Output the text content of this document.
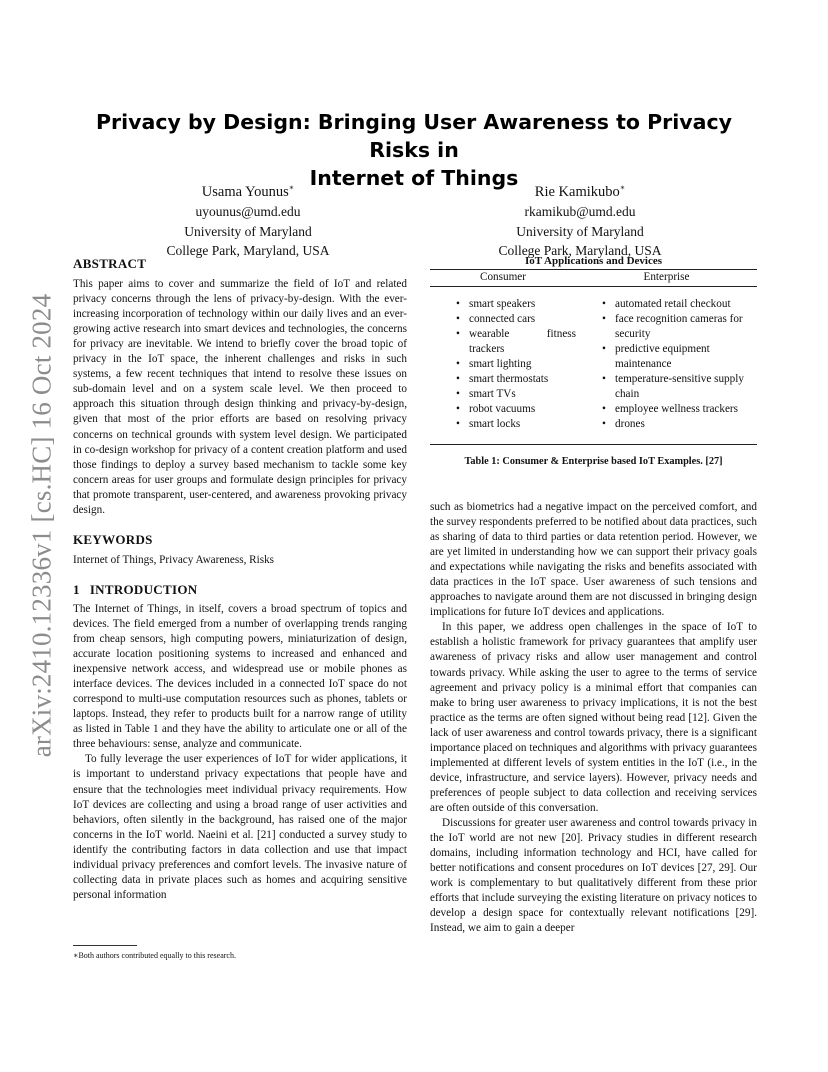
arXiv:2410.12336v1 [cs.HC] 16 Oct 2024
Privacy by Design: Bringing User Awareness to Privacy Risks in
Internet of Things
Usama Younus∗
uyounus@umd.edu
University of Maryland
College Park, Maryland, USA
Rie Kamikubo∗
rkamikub@umd.edu
University of Maryland
College Park, Maryland, USA
ABSTRACT

This paper aims to cover and summarize the field of IoT and related privacy concerns through the lens of privacy-by-design. With the ever-increasing incorporation of technology within our daily lives and an ever-growing active research into smart devices and technologies, the concerns for privacy are inevitable. We intend to briefly cover the broad topic of privacy in the IoT space, the inherent challenges and risks in such systems, a few recent techniques that intend to resolve these issues on sub-domain level and on a system scale level. We then proceed to approach this situation through design thinking and privacy-by-design, given that most of the prior efforts are based on resolving privacy concerns on technical grounds with system level design. We participated in co-design workshop for privacy of a content creation platform and used those findings to deploy a survey based mechanism to tackle some key concern areas for user groups and formulate design principles for privacy that promote transparent, user-centered, and awareness provoking privacy design.

KEYWORDS

Internet of Things, Privacy Awareness, Risks

1 INTRODUCTION

The Internet of Things, in itself, covers a broad spectrum of topics and devices. The field emerged from a number of overlapping trends ranging from cheap sensors, high computing powers, miniaturization of design, accurate location positioning systems to increased and enhanced and inexpensive network access, and widespread use or mobile phones as interface devices. The devices included in a connected IoT space do not correspond to multi-use computation resources such as phones, tablets or laptops. Instead, they refer to products built for a narrow range of utility as listed in Table 1 and they have the ability to articulate one or all of the three behaviours: sense, analyze and communicate.

To fully leverage the user experiences of IoT for wider applications, it is important to understand privacy expectations that people have and ensure that the technologies meet individual privacy requirements. How IoT devices are collecting and using a broad range of user activities and behaviors, often silently in the background, has raised one of the major concerns in the IoT world. Naeini et al. [21] conducted a survey study to identify the contributing factors in data collection and use that impact individual privacy preferences and comfort levels. The invasive nature of collecting data in private places such as homes and acquiring sensitive personal information

∗Both authors contributed equally to this research.
IoT Applications and Devices
Consumer	Enterprise
• smart speakers
• connected cars
• wearable fitness trackers
• smart lighting
• smart thermostats
• smart TVs
• robot vacuums
• smart locks
• automated retail checkout
• face recognition cameras for security
• predictive equipment maintenance
• temperature-sensitive supply chain
• employee wellness trackers
• drones
Table 1: Consumer & Enterprise based IoT Examples. [27]

such as biometrics had a negative impact on the perceived comfort, and the survey respondents preferred to be notified about data practices, such as sharing of data to third parties or data retention period. However, we are yet limited in understanding how we can support their privacy goals and expectations while navigating the risks and benefits associated with data practices in the IoT space. User awareness of such tensions and approaches to navigate around them are not discussed in bringing design implications for future IoT devices and applications.

In this paper, we address open challenges in the space of IoT to establish a holistic framework for privacy guarantees that amplify user awareness of privacy risks and allow user management and control towards privacy. While asking the user to agree to the terms of service agreement and privacy policy is a minimal effort that companies can make to bring user awareness to privacy implications, it is not the best practice as the terms are often signed without being read [12]. Given the lack of user awareness and control towards privacy, there is a significant importance placed on techniques and algorithms with privacy guarantees implemented at different levels of system entities in the IoT (i.e., in the device, infrastructure, and service layers). However, privacy needs and preferences of people subject to data collection and receiving services are often outside of this conversation.

Discussions for greater user awareness and control towards privacy in the IoT world are not new [20]. Privacy studies in different research domains, including information technology and HCI, have called for better notifications and consent procedures on IoT devices [27, 29]. Our work is complementary to but qualitatively different from these prior efforts that include surveying the existing literature on privacy notices to develop a design space for contextually relevant notifications [29]. Instead, we aim to gain a deeper
